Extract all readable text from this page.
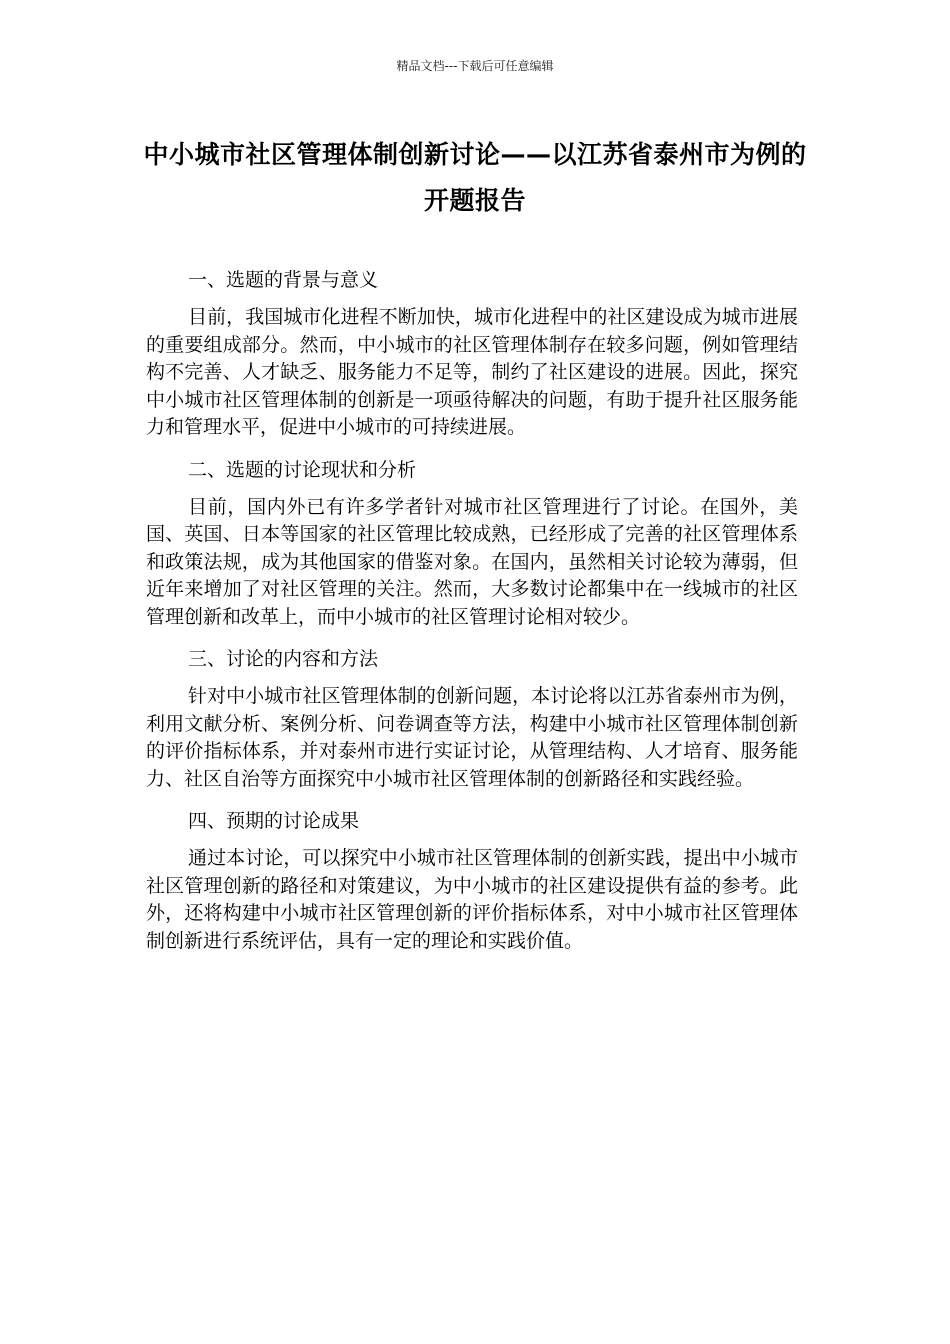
精品文档---下载后可任意编辑
中小城市社区管理体制创新讨论——以江苏省泰州市为例的开题报告

一、选题的背景与意义

目前，我国城市化进程不断加快，城市化进程中的社区建设成为城市进展的重要组成部分。然而，中小城市的社区管理体制存在较多问题，例如管理结构不完善、人才缺乏、服务能力不足等，制约了社区建设的进展。因此，探究中小城市社区管理体制的创新是一项亟待解决的问题，有助于提升社区服务能力和管理水平，促进中小城市的可持续进展。

二、选题的讨论现状和分析

目前，国内外已有许多学者针对城市社区管理进行了讨论。在国外，美国、英国、日本等国家的社区管理比较成熟，已经形成了完善的社区管理体系和政策法规，成为其他国家的借鉴对象。在国内，虽然相关讨论较为薄弱，但近年来增加了对社区管理的关注。然而，大多数讨论都集中在一线城市的社区管理创新和改革上，而中小城市的社区管理讨论相对较少。

三、讨论的内容和方法

针对中小城市社区管理体制的创新问题，本讨论将以江苏省泰州市为例，利用文献分析、案例分析、问卷调查等方法，构建中小城市社区管理体制创新的评价指标体系，并对泰州市进行实证讨论，从管理结构、人才培育、服务能力、社区自治等方面探究中小城市社区管理体制的创新路径和实践经验。

四、预期的讨论成果

通过本讨论，可以探究中小城市社区管理体制的创新实践，提出中小城市社区管理创新的路径和对策建议，为中小城市的社区建设提供有益的参考。此外，还将构建中小城市社区管理创新的评价指标体系，对中小城市社区管理体制创新进行系统评估，具有一定的理论和实践价值。
